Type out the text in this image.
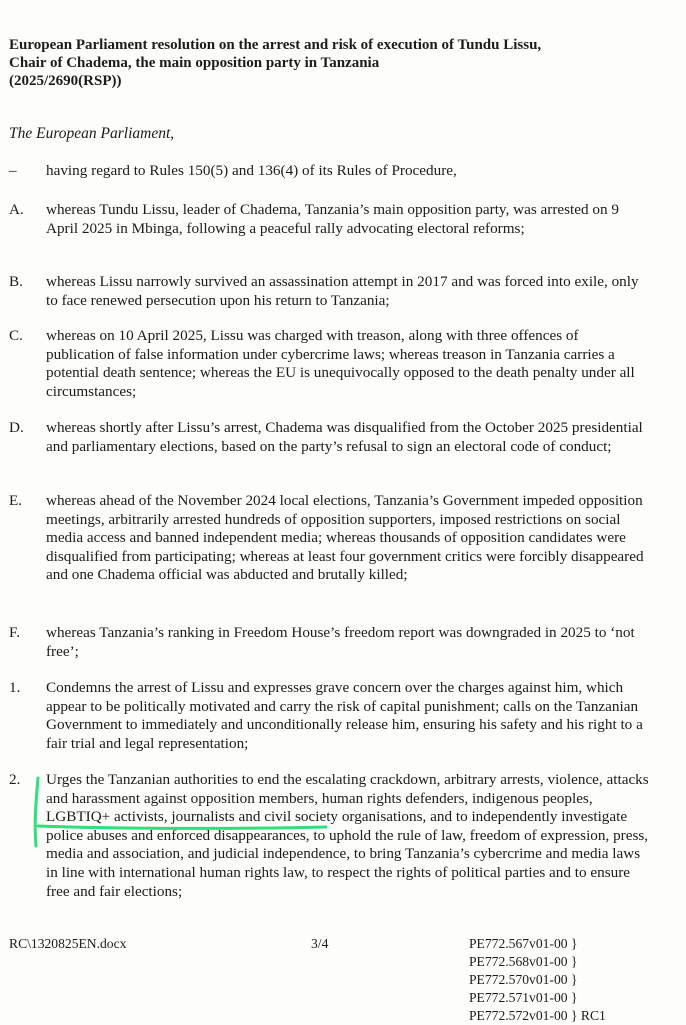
European Parliament resolution on the arrest and risk of execution of Tundu Lissu,
Chair of Chadema, the main opposition party in Tanzania
(2025/2690(RSP))
The European Parliament,
–	having regard to Rules 150(5) and 136(4) of its Rules of Procedure,
A.	whereas Tundu Lissu, leader of Chadema, Tanzania’s main opposition party, was arrested on 9 April 2025 in Mbinga, following a peaceful rally advocating electoral reforms;
B.	whereas Lissu narrowly survived an assassination attempt in 2017 and was forced into exile, only to face renewed persecution upon his return to Tanzania;
C.	whereas on 10 April 2025, Lissu was charged with treason, along with three offences of publication of false information under cybercrime laws; whereas treason in Tanzania carries a potential death sentence; whereas the EU is unequivocally opposed to the death penalty under all circumstances;
D.	whereas shortly after Lissu’s arrest, Chadema was disqualified from the October 2025 presidential and parliamentary elections, based on the party’s refusal to sign an electoral code of conduct;
E.	whereas ahead of the November 2024 local elections, Tanzania’s Government impeded opposition meetings, arbitrarily arrested hundreds of opposition supporters, imposed restrictions on social media access and banned independent media; whereas thousands of opposition candidates were disqualified from participating; whereas at least four government critics were forcibly disappeared and one Chadema official was abducted and brutally killed;
F.	whereas Tanzania’s ranking in Freedom House’s freedom report was downgraded in 2025 to ‘not free’;
1.	Condemns the arrest of Lissu and expresses grave concern over the charges against him, which appear to be politically motivated and carry the risk of capital punishment; calls on the Tanzanian Government to immediately and unconditionally release him, ensuring his safety and his right to a fair trial and legal representation;
2.	Urges the Tanzanian authorities to end the escalating crackdown, arbitrary arrests, violence, attacks and harassment against opposition members, human rights defenders, indigenous peoples, LGBTIQ+ activists, journalists and civil society organisations, and to independently investigate police abuses and enforced disappearances, to uphold the rule of law, freedom of expression, press, media and association, and judicial independence, to bring Tanzania’s cybercrime and media laws in line with international human rights law, to respect the rights of political parties and to ensure free and fair elections;
RC\1320825EN.docx	3/4	PE772.567v01-00 }
PE772.568v01-00 }
PE772.570v01-00 }
PE772.571v01-00 }
PE772.572v01-00 } RC1
